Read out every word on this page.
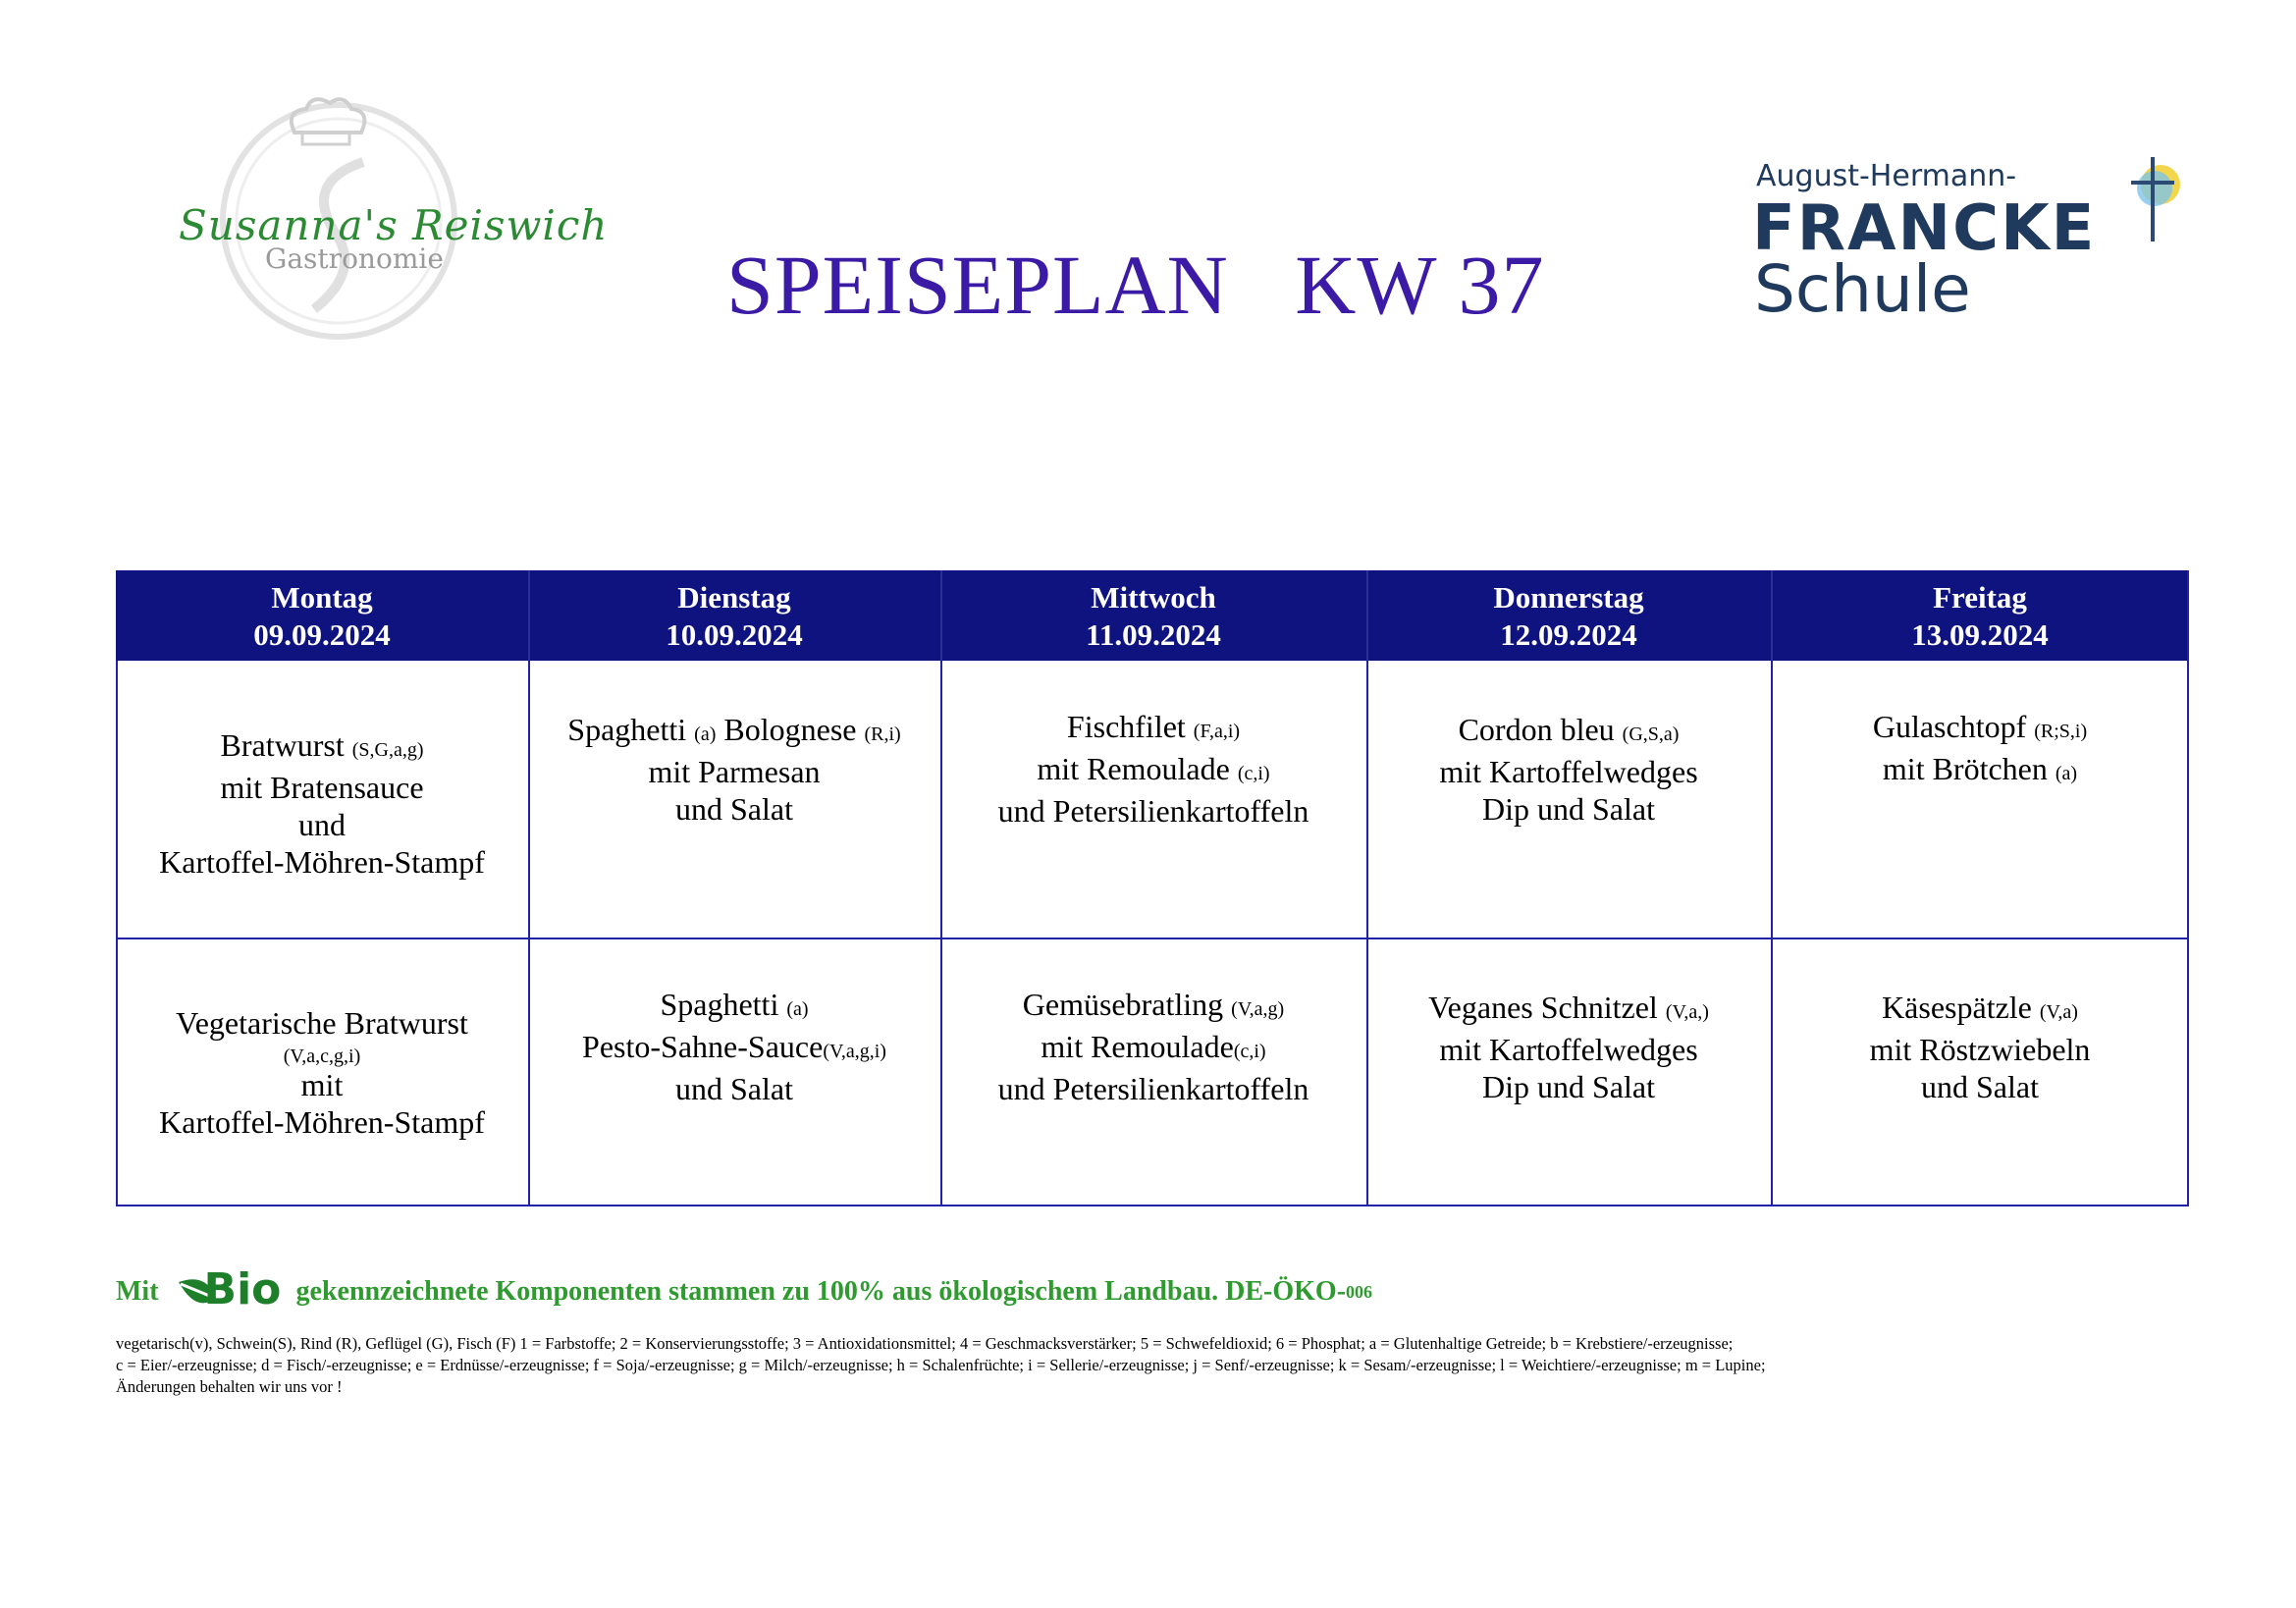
Susanna's Reiswich
Gastronomie	SPEISEPLAN   KW 37
August-Hermann-
FRANCKE
Schule
Montag
09.09.2024
Dienstag
10.09.2024
Mittwoch
11.09.2024
Donnerstag
12.09.2024
Freitag
13.09.2024
Bratwurst (S,G,a,g)
mit Bratensauce
und
Kartoffel-Möhren-Stampf
Spaghetti (a) Bolognese (R,i)
mit Parmesan
und Salat
Fischfilet (F,a,i)
mit Remoulade (c,i)
und Petersilienkartoffeln
Cordon bleu (G,S,a)
mit Kartoffelwedges
Dip und Salat
Gulaschtopf (R;S,i)
mit Brötchen (a)
Vegetarische Bratwurst
(V,a,c,g,i)
mit
Kartoffel-Möhren-Stampf
Spaghetti (a)
Pesto-Sahne-Sauce(V,a,g,i)
und Salat
Gemüsebratling (V,a,g)
mit Remoulade(c,i)
und Petersilienkartoffeln
Veganes Schnitzel (V,a,)
mit Kartoffelwedges
Dip und Salat
Käsespätzle (V,a)
mit Röstzwiebeln
und Salat
Mit Bio gekennzeichnete Komponenten stammen zu 100% aus ökologischem Landbau. DE-ÖKO- 006
vegetarisch(v), Schwein(S), Rind (R), Geflügel (G), Fisch (F) 1 = Farbstoffe; 2 = Konservierungsstoffe; 3 = Antioxidationsmittel; 4 = Geschmacksverstärker; 5 = Schwefeldioxid; 6 = Phosphat; a = Glutenhaltige Getreide; b = Krebstiere/-erzeugnisse;
c = Eier/-erzeugnisse; d = Fisch/-erzeugnisse; e = Erdnüsse/-erzeugnisse; f = Soja/-erzeugnisse; g = Milch/-erzeugnisse; h = Schalenfrüchte; i = Sellerie/-erzeugnisse; j = Senf/-erzeugnisse; k = Sesam/-erzeugnisse; l = Weichtiere/-erzeugnisse; m = Lupine;
Änderungen behalten wir uns vor !
